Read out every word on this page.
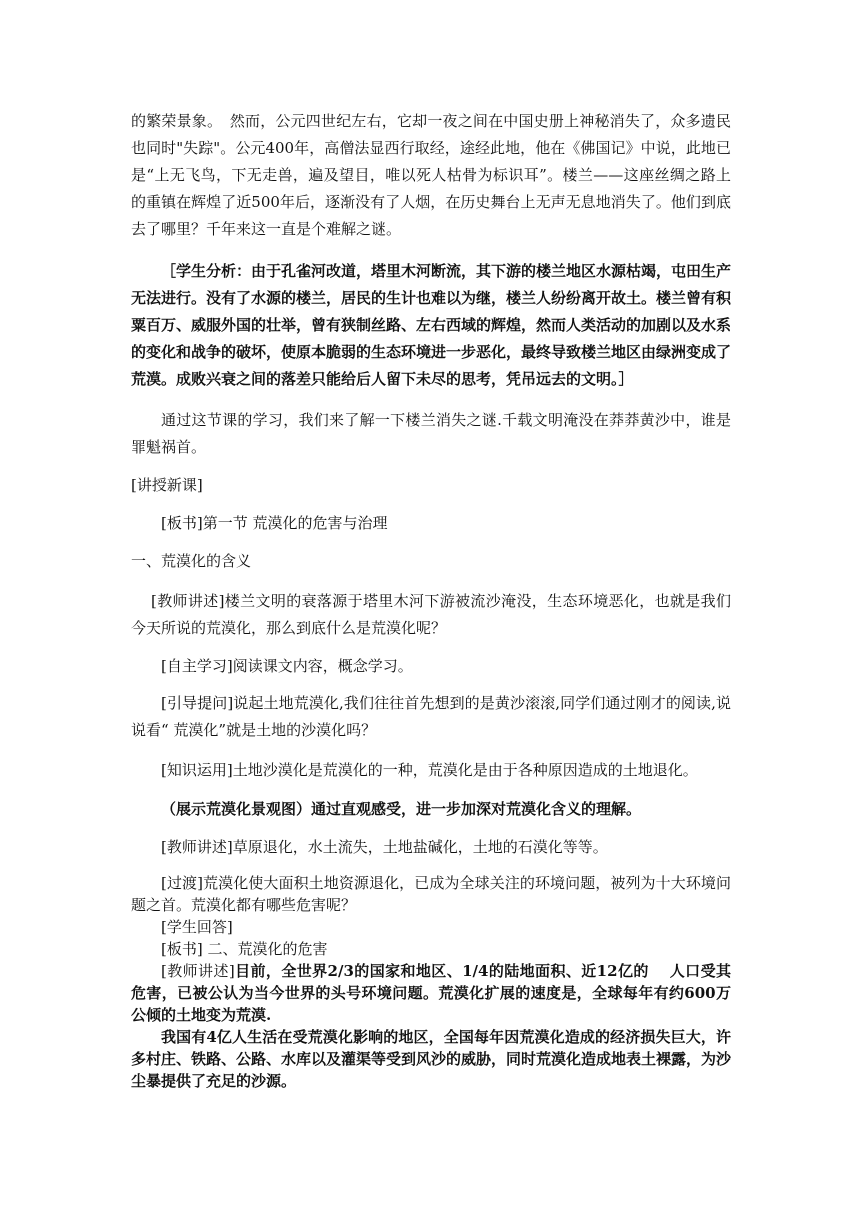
的繁荣景象。　然而，公元四世纪左右，它却一夜之间在中国史册上神秘消失了，众多遗民也同时"失踪"。公元400年，高僧法显西行取经，途经此地，他在《佛国记》中说，此地已是“上无飞鸟，下无走兽，遍及望目，唯以死人枯骨为标识耳”。楼兰——这座丝绸之路上的重镇在辉煌了近500年后，逐渐没有了人烟，在历史舞台上无声无息地消失了。他们到底去了哪里？千年来这一直是个难解之谜。

［学生分析：由于孔雀河改道，塔里木河断流，其下游的楼兰地区水源枯竭，屯田生产无法进行。没有了水源的楼兰，居民的生计也难以为继，楼兰人纷纷离开故土。楼兰曾有积粟百万、威服外国的壮举，曾有狭制丝路、左右西域的辉煌，然而人类活动的加剧以及水系的变化和战争的破坏，使原本脆弱的生态环境进一步恶化，最终导致楼兰地区由绿洲变成了荒漠。成败兴衰之间的落差只能给后人留下未尽的思考，凭吊远去的文明。］

通过这节课的学习，我们来了解一下楼兰消失之谜.千载文明淹没在莽莽黄沙中，谁是罪魁祸首。

[讲授新课]

[板书]第一节 荒漠化的危害与治理

一、荒漠化的含义

[教师讲述]楼兰文明的衰落源于塔里木河下游被流沙淹没，生态环境恶化，也就是我们今天所说的荒漠化，那么到底什么是荒漠化呢？

[自主学习]阅读课文内容，概念学习。

[引导提问]说起土地荒漠化,我们往往首先想到的是黄沙滚滚,同学们通过刚才的阅读,说说看“ 荒漠化”就是土地的沙漠化吗？

[知识运用]土地沙漠化是荒漠化的一种，荒漠化是由于各种原因造成的土地退化。

（展示荒漠化景观图）通过直观感受，进一步加深对荒漠化含义的理解。

[教师讲述]草原退化，水土流失，土地盐碱化，土地的石漠化等等。

[过渡]荒漠化使大面积土地资源退化，已成为全球关注的环境问题，被列为十大环境问题之首。荒漠化都有哪些危害呢？

[学生回答]

[板书] 二、荒漠化的危害

[教师讲述]目前，全世界2/3的国家和地区、1/4的陆地面积、近12亿的　 人口受其危害，已被公认为当今世界的头号环境问题。荒漠化扩展的速度是，全球每年有约600万公倾的土地变为荒漠.

我国有4亿人生活在受荒漠化影响的地区，全国每年因荒漠化造成的经济损失巨大，许多村庄、铁路、公路、水库以及灌渠等受到风沙的威胁，同时荒漠化造成地表土裸露，为沙尘暴提供了充足的沙源。
